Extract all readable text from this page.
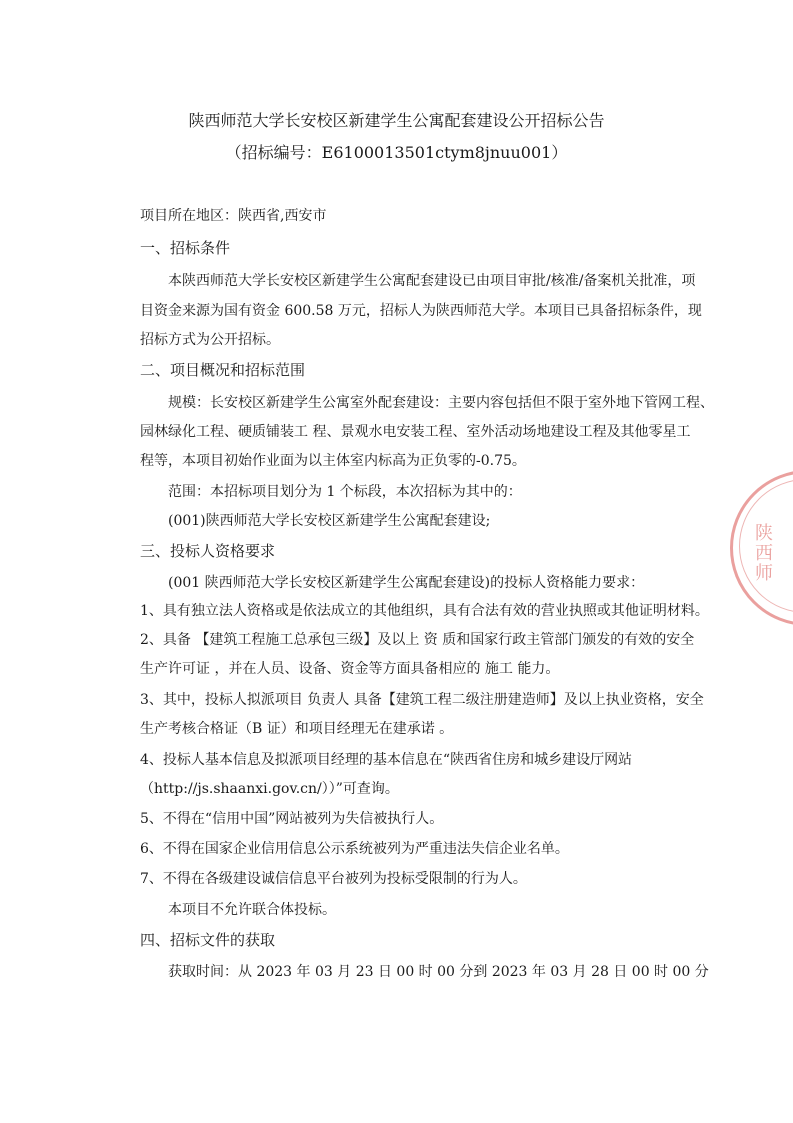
陕西师范大学长安校区新建学生公寓配套建设公开招标公告
（招标编号：E6100013501ctym8jnuu001）
项目所在地区：陕西省,西安市
一、招标条件
本陕西师范大学长安校区新建学生公寓配套建设已由项目审批/核准/备案机关批准，项
目资金来源为国有资金 600.58 万元，招标人为陕西师范大学。本项目已具备招标条件，现
招标方式为公开招标。
二、项目概况和招标范围
规模：长安校区新建学生公寓室外配套建设：主要内容包括但不限于室外地下管网工程、
园林绿化工程、硬质铺装工 程、景观水电安装工程、室外活动场地建设工程及其他零星工
程等，本项目初始作业面为以主体室内标高为正负零的-0.75。
范围：本招标项目划分为 1 个标段，本次招标为其中的：
(001)陕西师范大学长安校区新建学生公寓配套建设;
三、投标人资格要求
(001 陕西师范大学长安校区新建学生公寓配套建设)的投标人资格能力要求：
1、具有独立法人资格或是依法成立的其他组织，具有合法有效的营业执照或其他证明材料。
2、具备 【建筑工程施工总承包三级】及以上 资 质和国家行政主管部门颁发的有效的安全
生产许可证 ，并在人员、设备、资金等方面具备相应的 施工 能力。
3、其中，投标人拟派项目 负责人 具备【建筑工程二级注册建造师】及以上执业资格，安全
生产考核合格证（B 证）和项目经理无在建承诺 。
4、投标人基本信息及拟派项目经理的基本信息在“陕西省住房和城乡建设厅网站
（http://js.shaanxi.gov.cn/））”可查询。
5、不得在“信用中国”网站被列为失信被执行人。
6、不得在国家企业信用信息公示系统被列为严重违法失信企业名单。
7、不得在各级建设诚信信息平台被列为投标受限制的行为人。
本项目不允许联合体投标。
四、招标文件的获取
获取时间：从 2023 年 03 月 23 日 00 时 00 分到 2023 年 03 月 28 日 00 时 00 分
陕西师
